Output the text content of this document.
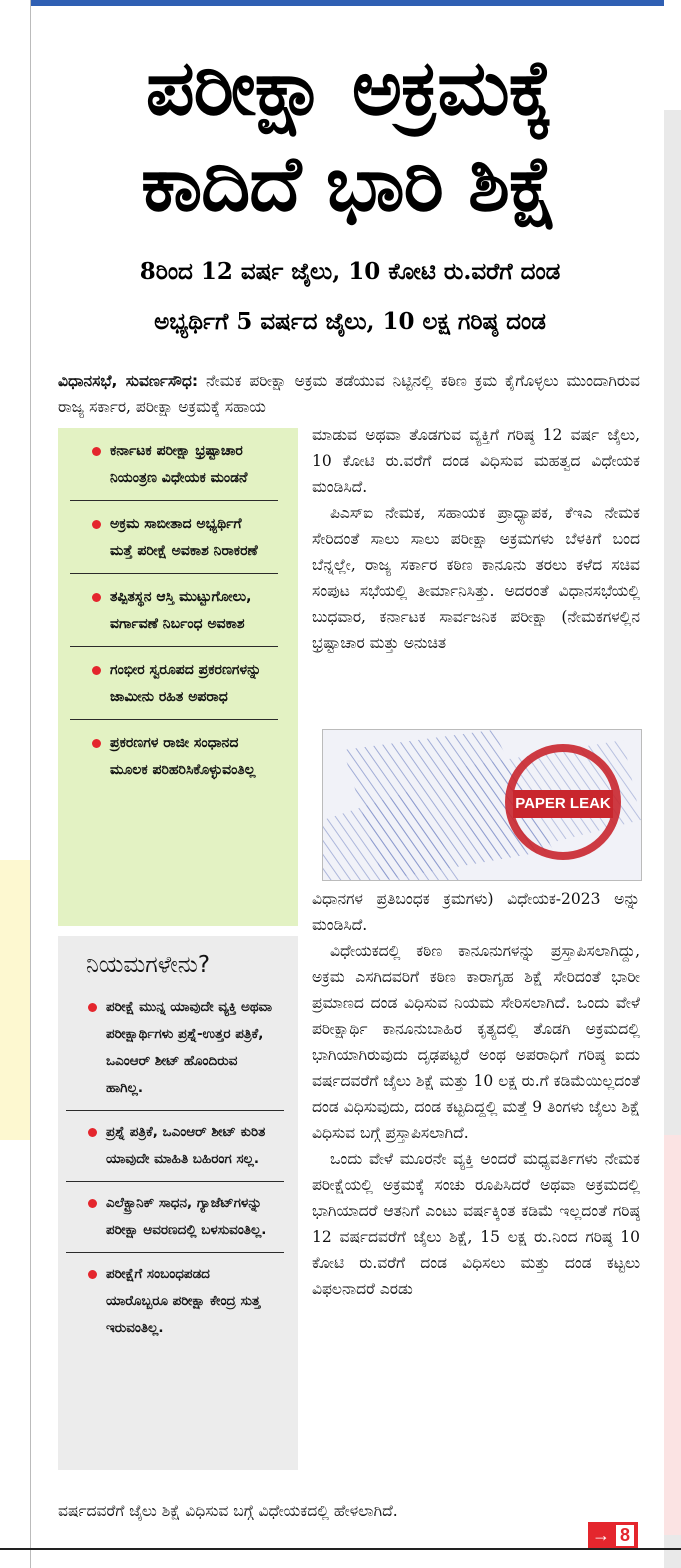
ಪರೀಕ್ಷಾ ಅಕ್ರಮಕ್ಕೆ
ಕಾದಿದೆ ಭಾರಿ ಶಿಕ್ಷೆ
8ರಿಂದ 12 ವರ್ಷ ಜೈಲು, 10 ಕೋಟಿ ರು.ವರೆಗೆ ದಂಡ
ಅಭ್ಯರ್ಥಿಗೆ 5 ವರ್ಷದ ಜೈಲು, 10 ಲಕ್ಷ ಗರಿಷ್ಠ ದಂಡ
ವಿಧಾನಸಭೆ, ಸುವರ್ಣಸೌಧ: ನೇಮಕ ಪರೀಕ್ಷಾ ಅಕ್ರಮ ತಡೆಯುವ ನಿಟ್ಟಿನಲ್ಲಿ ಕಠಿಣ ಕ್ರಮ ಕೈಗೊಳ್ಳಲು ಮುಂದಾಗಿರುವ ರಾಜ್ಯ ಸರ್ಕಾರ, ಪರೀಕ್ಷಾ ಅಕ್ರಮಕ್ಕೆ ಸಹಾಯ
ಕರ್ನಾಟಕ ಪರೀಕ್ಷಾ ಭ್ರಷ್ಟಾಚಾರ ನಿಯಂತ್ರಣ ವಿಧೇಯಕ ಮಂಡನೆ
ಅಕ್ರಮ ಸಾಬೀತಾದ ಅಭ್ಯರ್ಥಿಗೆ ಮತ್ತೆ ಪರೀಕ್ಷೆ ಅವಕಾಶ ನಿರಾಕರಣೆ
ತಪ್ಪಿತಸ್ಥನ ಆಸ್ತಿ ಮುಟ್ಟುಗೋಲು, ವರ್ಗಾವಣೆ ನಿರ್ಬಂಧ ಅವಕಾಶ
ಗಂಭೀರ ಸ್ವರೂಪದ ಪ್ರಕರಣಗಳನ್ನು ಜಾಮೀನು ರಹಿತ ಅಪರಾಧ
ಪ್ರಕರಣಗಳ ರಾಜೀ ಸಂಧಾನದ ಮೂಲಕ ಪರಿಹರಿಸಿಕೊಳ್ಳುವಂತಿಲ್ಲ
ನಿಯಮಗಳೇನು?
ಪರೀಕ್ಷೆ ಮುನ್ನ ಯಾವುದೇ ವ್ಯಕ್ತಿ ಅಥವಾ ಪರೀಕ್ಷಾರ್ಥಿಗಳು ಪ್ರಶ್ನೆ-ಉತ್ತರ ಪತ್ರಿಕೆ, ಒಎಂಆರ್ ಶೀಟ್ ಹೊಂದಿರುವ ಹಾಗಿಲ್ಲ.
ಪ್ರಶ್ನೆ ಪತ್ರಿಕೆ, ಒಎಂಆರ್ ಶೀಟ್ ಕುರಿತ ಯಾವುದೇ ಮಾಹಿತಿ ಬಹಿರಂಗ ಸಲ್ಲ.
ಎಲೆಕ್ಟ್ರಾನಿಕ್ ಸಾಧನ, ಗ್ಯಾಜೆಟ್‌ಗಳನ್ನು ಪರೀಕ್ಷಾ ಆವರಣದಲ್ಲಿ ಬಳಸುವಂತಿಲ್ಲ.
ಪರೀಕ್ಷೆಗೆ ಸಂಬಂಧಪಡದ ಯಾರೊಬ್ಬರೂ ಪರೀಕ್ಷಾ ಕೇಂದ್ರ ಸುತ್ತ ಇರುವಂತಿಲ್ಲ.

ಮಾಡುವ ಅಥವಾ ತೊಡಗುವ ವ್ಯಕ್ತಿಗೆ ಗರಿಷ್ಠ 12 ವರ್ಷ ಜೈಲು, 10 ಕೋಟಿ ರು.ವರೆಗೆ ದಂಡ ವಿಧಿಸುವ ಮಹತ್ವದ ವಿಧೇಯಕ ಮಂಡಿಸಿದೆ.

ಪಿಎಸ್‌ಐ ನೇಮಕ, ಸಹಾಯಕ ಪ್ರಾಧ್ಯಾಪಕ, ಕೆಇಎ ನೇಮಕ ಸೇರಿದಂತೆ ಸಾಲು ಸಾಲು ಪರೀಕ್ಷಾ ಅಕ್ರಮಗಳು ಬೆಳಕಿಗೆ ಬಂದ ಬೆನ್ನಲ್ಲೇ, ರಾಜ್ಯ ಸರ್ಕಾರ ಕಠಿಣ ಕಾನೂನು ತರಲು ಕಳೆದ ಸಚಿವ ಸಂಪುಟ ಸಭೆಯಲ್ಲಿ ತೀರ್ಮಾನಿಸಿತ್ತು. ಅದರಂತೆ ವಿಧಾನಸಭೆಯಲ್ಲಿ ಬುಧವಾರ, ಕರ್ನಾಟಕ ಸಾರ್ವಜನಿಕ ಪರೀಕ್ಷಾ (ನೇಮಕಗಳಲ್ಲಿನ ಭ್ರಷ್ಟಾಚಾರ ಮತ್ತು ಅನುಚಿತ

PAPER LEAK

ವಿಧಾನಗಳ ಪ್ರತಿಬಂಧಕ ಕ್ರಮಗಳು) ವಿಧೇಯಕ-2023 ಅನ್ನು ಮಂಡಿಸಿದೆ.

ವಿಧೇಯಕದಲ್ಲಿ ಕಠಿಣ ಕಾನೂನುಗಳನ್ನು ಪ್ರಸ್ತಾಪಿಸಲಾಗಿದ್ದು, ಅಕ್ರಮ ಎಸಗಿದವರಿಗೆ ಕಠಿಣ ಕಾರಾಗೃಹ ಶಿಕ್ಷೆ ಸೇರಿದಂತೆ ಭಾರೀ ಪ್ರಮಾಣದ ದಂಡ ವಿಧಿಸುವ ನಿಯಮ ಸೇರಿಸಲಾಗಿದೆ. ಒಂದು ವೇಳೆ ಪರೀಕ್ಷಾರ್ಥಿ ಕಾನೂನುಬಾಹಿರ ಕೃತ್ಯದಲ್ಲಿ ತೊಡಗಿ ಅಕ್ರಮದಲ್ಲಿ ಭಾಗಿಯಾಗಿರುವುದು ದೃಢಪಟ್ಟರೆ ಅಂಥ ಅಪರಾಧಿಗೆ ಗರಿಷ್ಠ ಐದು ವರ್ಷದವರೆಗೆ ಜೈಲು ಶಿಕ್ಷೆ ಮತ್ತು 10 ಲಕ್ಷ ರು.ಗೆ ಕಡಿಮೆಯಿಲ್ಲದಂತೆ ದಂಡ ವಿಧಿಸುವುದು, ದಂಡ ಕಟ್ಟದಿದ್ದಲ್ಲಿ ಮತ್ತೆ 9 ತಿಂಗಳು ಜೈಲು ಶಿಕ್ಷೆ ವಿಧಿಸುವ ಬಗ್ಗೆ ಪ್ರಸ್ತಾಪಿಸಲಾಗಿದೆ.

ಒಂದು ವೇಳೆ ಮೂರನೇ ವ್ಯಕ್ತಿ ಅಂದರೆ ಮಧ್ಯವರ್ತಿಗಳು ನೇಮಕ ಪರೀಕ್ಷೆಯಲ್ಲಿ ಅಕ್ರಮಕ್ಕೆ ಸಂಚು ರೂಪಿಸಿದರೆ ಅಥವಾ ಅಕ್ರಮದಲ್ಲಿ ಭಾಗಿಯಾದರೆ ಆತನಿಗೆ ಎಂಟು ವರ್ಷಕ್ಕಿಂತ ಕಡಿಮೆ ಇಲ್ಲದಂತೆ ಗರಿಷ್ಠ 12 ವರ್ಷದವರೆಗೆ ಜೈಲು ಶಿಕ್ಷೆ, 15 ಲಕ್ಷ ರು.ನಿಂದ ಗರಿಷ್ಠ 10 ಕೋಟಿ ರು.ವರೆಗೆ ದಂಡ ವಿಧಿಸಲು ಮತ್ತು ದಂಡ ಕಟ್ಟಲು ವಿಫಲನಾದರೆ ಎರಡು

ವರ್ಷದವರೆಗೆ ಜೈಲು ಶಿಕ್ಷೆ ವಿಧಿಸುವ ಬಗ್ಗೆ ವಿಧೇಯಕದಲ್ಲಿ ಹೇಳಲಾಗಿದೆ.
→ 8
